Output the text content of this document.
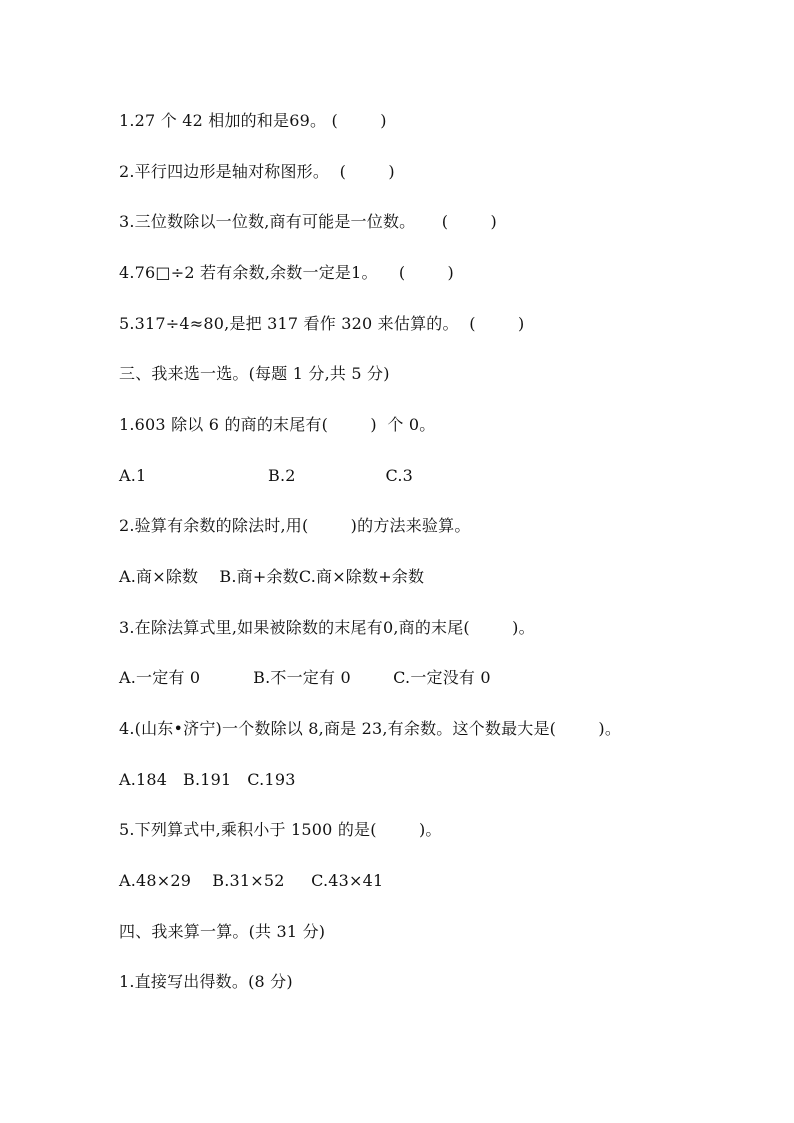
1.27 个 42 相加的和是69。 (        )
2.平行四边形是轴对称图形。  (        )
3.三位数除以一位数,商有可能是一位数。     (        )
4.76□÷2 若有余数,余数一定是1。    (        )
5.317÷4≈80,是把 317 看作 320 来估算的。  (        )
三、我来选一选。(每题 1 分,共 5 分)
1.603 除以 6 的商的末尾有(        )  个 0。
A.1                       B.2                 C.3
2.验算有余数的除法时,用(        )的方法来验算。
A.商×除数    B.商+余数C.商×除数+余数
3.在除法算式里,如果被除数的末尾有0,商的末尾(        )。
A.一定有 0          B.不一定有 0        C.一定没有 0
4.(山东•济宁)一个数除以 8,商是 23,有余数。这个数最大是(        )。
A.184   B.191   C.193
5.下列算式中,乘积小于 1500 的是(        )。
A.48×29    B.31×52     C.43×41
四、我来算一算。(共 31 分)
1.直接写出得数。(8 分)
